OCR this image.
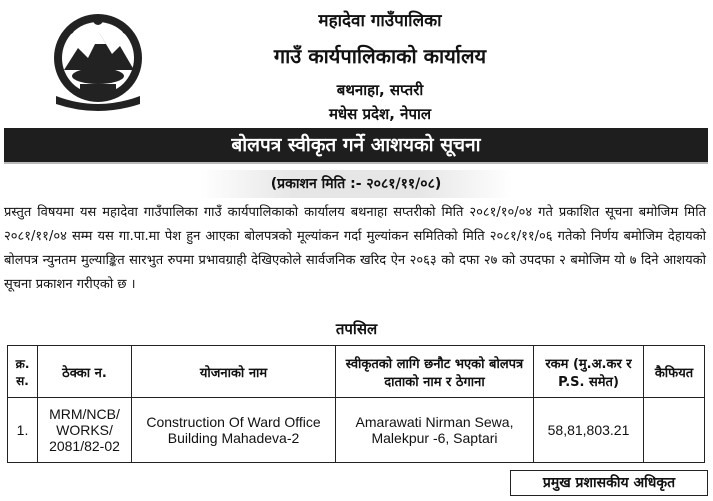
महादेवा गाउँपालिका
गाउँ कार्यपालिकाको कार्यालय
बथनाहा, सप्तरी
मधेस प्रदेश, नेपाल
बोलपत्र स्वीकृत गर्ने आशयको सूचना
(प्रकाशन मिति :- २०८१/११/०८)

प्रस्तुत विषयमा यस महादेवा गाउँपालिका गाउँ कार्यपालिकाको कार्यालय बथनाहा सप्तरीको मिति २०८१/१०/०४ गते प्रकाशित सूचना बमोजिम मिति २०८१/११/०४ सम्म यस गा.पा.मा पेश हुन आएका बोलपत्रको मूल्यांकन गर्दा मुल्यांकन समितिको मिति २०८१/११/०६ गतेको निर्णय बमोजिम देहायको बोलपत्र न्युनतम मुल्याङ्कित सारभुत रुपमा प्रभावग्राही देखिएकोले सार्वजनिक खरिद ऐन २०६३ को दफा २७ को उपदफा २ बमोजिम यो ७ दिने आशयको सूचना प्रकाशन गरीएको छ ।

तपसिल
क्र. स.	ठेक्का न.	योजनाको नाम	स्वीकृतको लागि छनौट भएको बोलपत्र दाताको नाम र ठेगाना	रकम (मु.अ.कर र P.S. समेत)	कैफियत
1.	MRM/NCB/ WORKS/ 2081/82-02	Construction Of Ward Office Building Mahadeva-2	Amarawati Nirman Sewa, Malekpur -6, Saptari	58,81,803.21	
प्रमुख प्रशासकीय अधिकृत
